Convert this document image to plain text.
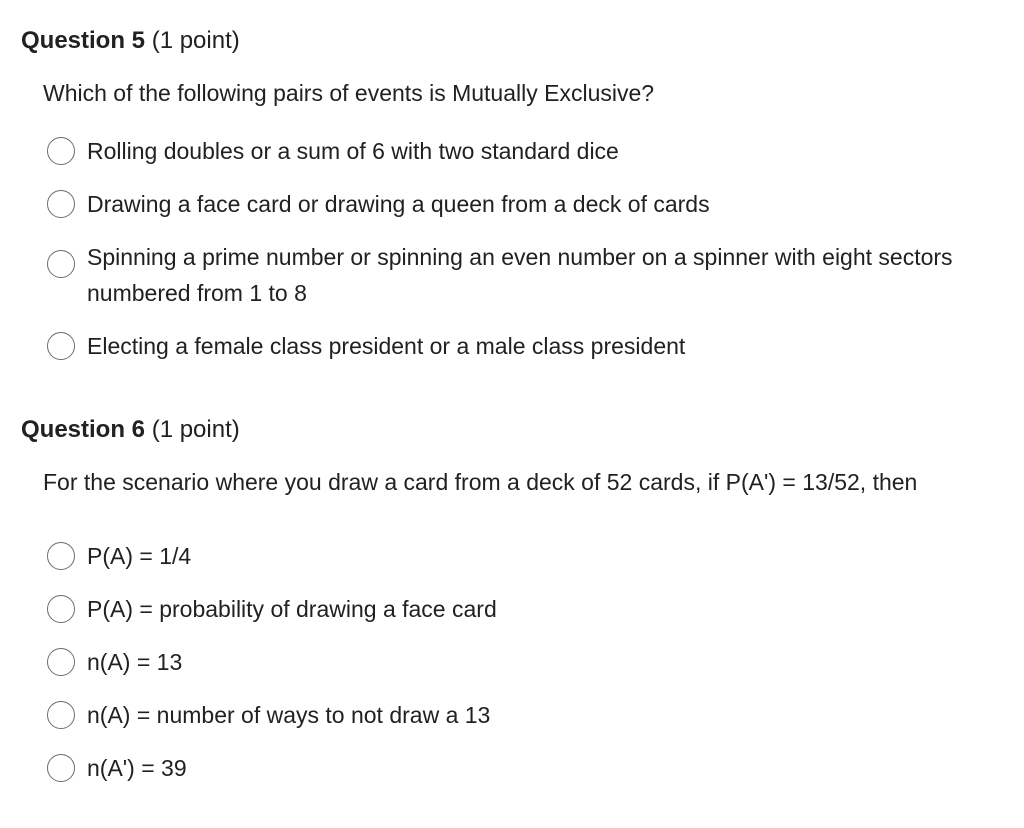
Question 5 (1 point)
Which of the following pairs of events is Mutually Exclusive?
Rolling doubles or a sum of 6 with two standard dice
Drawing a face card or drawing a queen from a deck of cards
Spinning a prime number or spinning an even number on a spinner with eight sectors numbered from 1 to 8
Electing a female class president or a male class president
Question 6 (1 point)
For the scenario where you draw a card from a deck of 52 cards, if P(A') = 13/52, then
P(A) = 1/4
P(A) = probability of drawing a face card
n(A) = 13
n(A) = number of ways to not draw a 13
n(A') = 39
